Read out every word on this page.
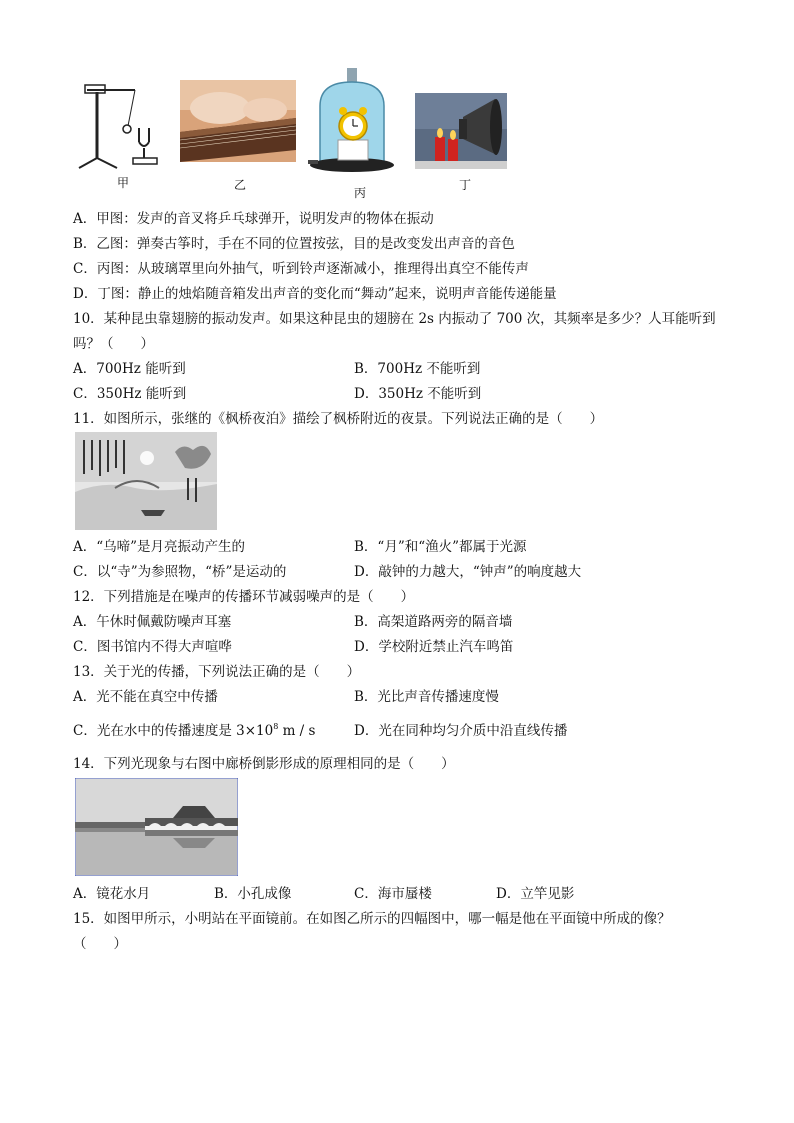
甲	乙
丙
丁
A．甲图：发声的音叉将乒乓球弹开，说明发声的物体在振动
B．乙图：弹奏古筝时，手在不同的位置按弦，目的是改变发出声音的音色
C．丙图：从玻璃罩里向外抽气，听到铃声逐渐减小，推理得出真空不能传声
D．丁图：静止的烛焰随音箱发出声音的变化而“舞动”起来，说明声音能传递能量
10．某种昆虫靠翅膀的振动发声。如果这种昆虫的翅膀在 2s 内振动了 700 次，其频率是多少？人耳能听到
吗？（　　）
A．700Hz 能听到	B．700Hz 不能听到
C．350Hz 能听到	D．350Hz 不能听到
11．如图所示，张继的《枫桥夜泊》描绘了枫桥附近的夜景。下列说法正确的是（　　）
A．“乌啼”是月亮振动产生的	B．“月”和“渔火”都属于光源
C．以“寺”为参照物，“桥”是运动的	D．敲钟的力越大，“钟声”的响度越大
12．下列措施是在噪声的传播环节减弱噪声的是（　　）
A．午休时佩戴防噪声耳塞	B．高架道路两旁的隔音墙
C．图书馆内不得大声喧哗	D．学校附近禁止汽车鸣笛
13．关于光的传播，下列说法正确的是（　　）
A．光不能在真空中传播	B．光比声音传播速度慢
C．光在水中的传播速度是 $3\times 10^8$ m / s	D．光在同种均匀介质中沿直线传播
14．下列光现象与右图中廊桥倒影形成的原理相同的是（　　）
A．镜花水月	B．小孔成像	C．海市蜃楼	D．立竿见影
15．如图甲所示，小明站在平面镜前。在如图乙所示的四幅图中，哪一幅是他在平面镜中所成的像？
（　　）
